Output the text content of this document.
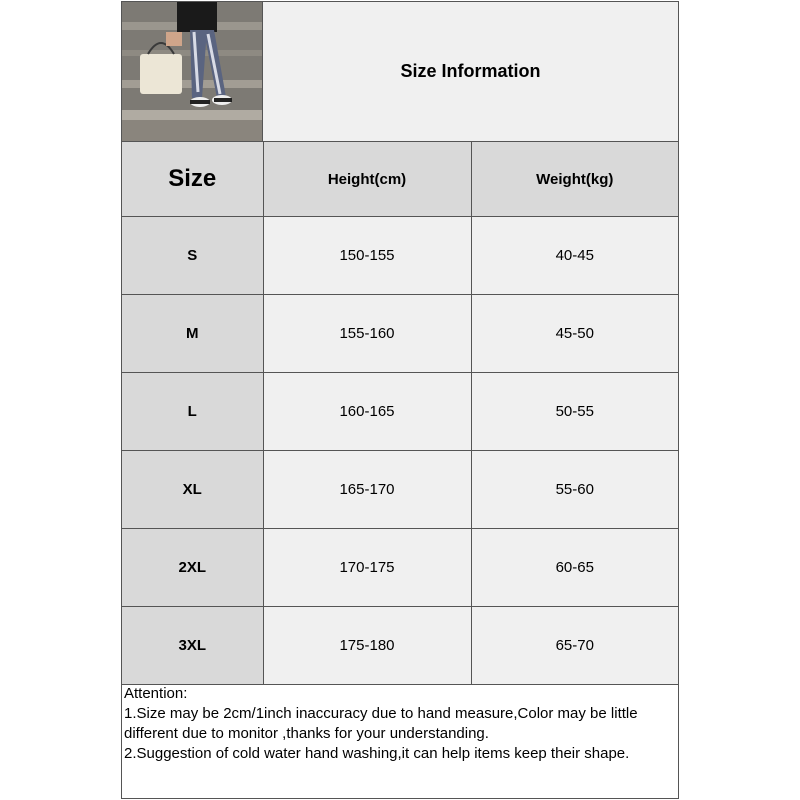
Size Information
Size	Height(cm)	Weight(kg)
S	150-155	40-45
M	155-160	45-50
L	160-165	50-55
XL	165-170	55-60
2XL	170-175	60-65
3XL	175-180	65-70
Attention:
1.Size may be 2cm/1inch inaccuracy due to hand measure,Color may be little different due to monitor ,thanks for your understanding.
2.Suggestion of cold water hand washing,it can help items keep their shape.
